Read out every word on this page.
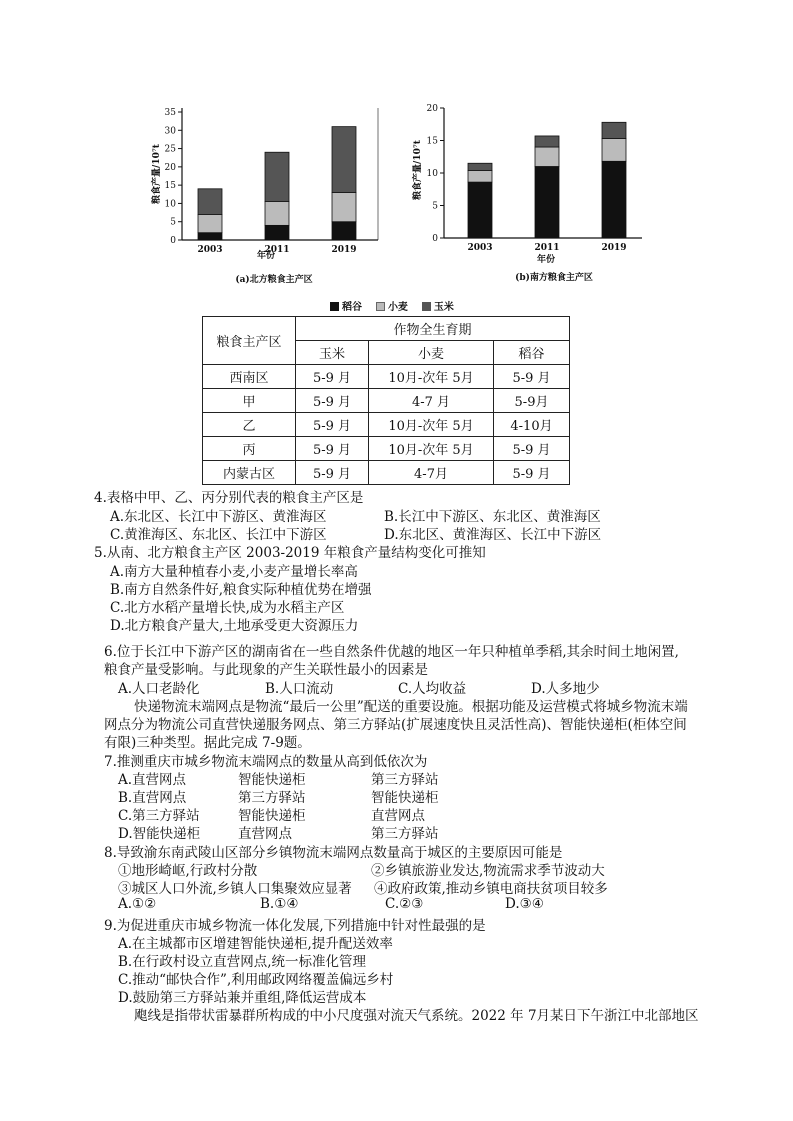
0
5
10
15
20
25
30
35
2003	2011	2019
年份
粮食产量/10⁷t
(a)北方粮食主产区
0
5
10
15
20
2003	2011	2019
年份
粮食产量/10⁷t
(b)南方粮食主产区
稻谷	小麦	玉米
粮食主产区	作物全生育期		
	玉米	小麦	稻谷
西南区	5-9 月	10月-次年 5月	5-9 月
甲	5-9 月	4-7 月	5-9月
乙	5-9 月	10月-次年 5月	4-10月
丙	5-9 月	10月-次年 5月	5-9 月
内蒙古区	5-9 月	4-7月	5-9 月
4.表格中甲、乙、丙分别代表的粮食主产区是
A.东北区、长江中下游区、黄淮海区	B.长江中下游区、东北区、黄淮海区
C.黄淮海区、东北区、长江中下游区	D.东北区、黄淮海区、长江中下游区
5.从南、北方粮食主产区 2003-2019 年粮食产量结构变化可推知
A.南方大量种植春小麦,小麦产量增长率高
B.南方自然条件好,粮食实际种植优势在增强
C.北方水稻产量增长快,成为水稻主产区
D.北方粮食产量大,土地承受更大资源压力
6.位于长江中下游产区的湖南省在一些自然条件优越的地区一年只种植单季稻,其余时间土地闲置,
粮食产量受影响。与此现象的产生关联性最小的因素是
A.人口老龄化	B.人口流动	C.人均收益	D.人多地少
快递物流末端网点是物流“最后一公里”配送的重要设施。根据功能及运营模式将城乡物流末端
网点分为物流公司直营快递服务网点、第三方驿站(扩展速度快且灵活性高)、智能快递柜(柜体空间
有限)三种类型。据此完成 7-9题。
7.推测重庆市城乡物流末端网点的数量从高到低依次为
A.直营网点	智能快递柜	第三方驿站
B.直营网点	第三方驿站	智能快递柜
C.第三方驿站	智能快递柜	直营网点
D.智能快递柜	直营网点	第三方驿站
8.导致渝东南武陵山区部分乡镇物流末端网点数量高于城区的主要原因可能是
①地形崎岖,行政村分散	②乡镇旅游业发达,物流需求季节波动大
③城区人口外流,乡镇人口集聚效应显著 ④政府政策,推动乡镇电商扶贫项目较多
A.①②	B.①④	C.②③	D.③④
9.为促进重庆市城乡物流一体化发展,下列措施中针对性最强的是
A.在主城都市区增建智能快递柜,提升配送效率
B.在行政村设立直营网点,统一标准化管理
C.推动“邮快合作”,利用邮政网络覆盖偏远乡村
D.鼓励第三方驿站兼并重组,降低运营成本
飑线是指带状雷暴群所构成的中小尺度强对流天气系统。2022 年 7月某日下午浙江中北部地区
